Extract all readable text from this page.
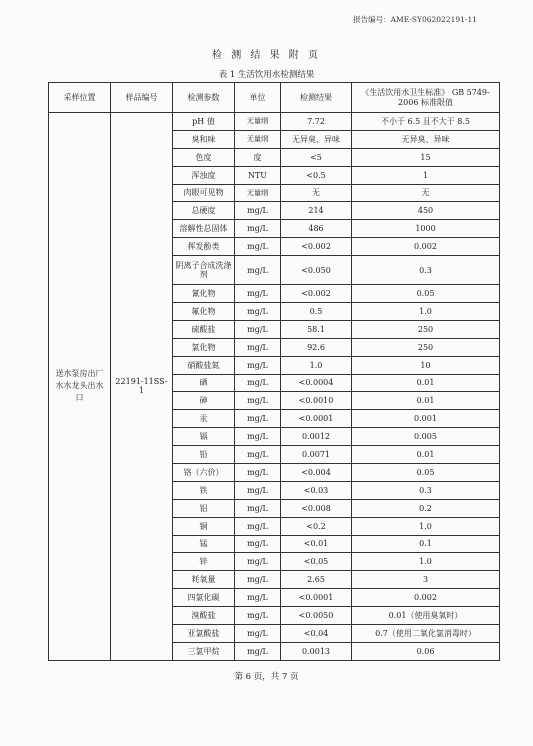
报告编号：AME-SY062022191-11
检 测 结 果 附 页
表 1 生活饮用水检测结果
采样位置	样品编号	检测参数	单位	检测结果	《生活饮用水卫生标准》 GB 5749-2006 标准限值
送水泵房出厂水水龙头出水口	22191-11SS-1	pH 值	无量纲	7.72	不小于 6.5 且不大于 8.5
		臭和味	无量纲	无异臭、异味	无异臭、异味
		色度	度	<5	15
		浑浊度	NTU	<0.5	1
		肉眼可见物	无量纲	无	无
		总硬度	mg/L	214	450
		溶解性总固体	mg/L	486	1000
		挥发酚类	mg/L	<0.002	0.002
		阴离子合成洗涤剂	mg/L	<0.050	0.3
		氰化物	mg/L	<0.002	0.05
		氟化物	mg/L	0.5	1.0
		硫酸盐	mg/L	58.1	250
		氯化物	mg/L	92.6	250
		硝酸盐氮	mg/L	1.0	10
		硒	mg/L	<0.0004	0.01
		砷	mg/L	<0.0010	0.01
		汞	mg/L	<0.0001	0.001
		镉	mg/L	0.0012	0.005
		铅	mg/L	0.0071	0.01
		铬（六价）	mg/L	<0.004	0.05
		铁	mg/L	<0.03	0.3
		铝	mg/L	<0.008	0.2
		铜	mg/L	<0.2	1.0
		锰	mg/L	<0.01	0.1
		锌	mg/L	<0.05	1.0
		耗氧量	mg/L	2.65	3
		四氯化碳	mg/L	<0.0001	0.002
		溴酸盐	mg/L	<0.0050	0.01（使用臭氧时）
		亚氯酸盐	mg/L	<0.04	0.7（使用二氧化氯消毒时）
		三氯甲烷	mg/L	0.0013	0.06
第 6 页，共 7 页
